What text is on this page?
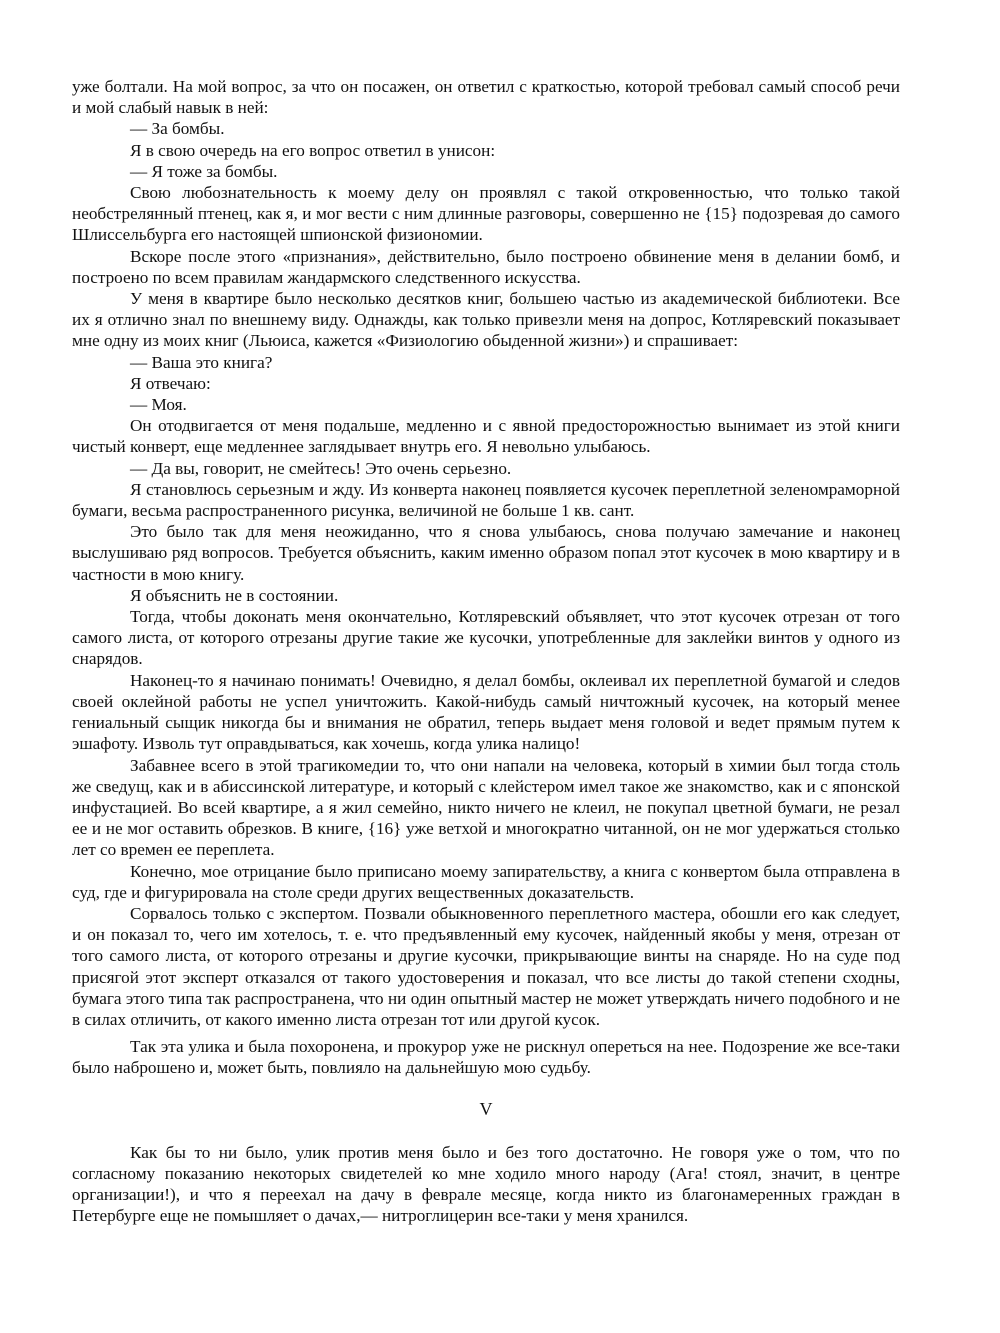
уже болтали. На мой вопрос, за что он посажен, он ответил с краткостью, которой требовал самый способ речи и мой слабый навык в ней:

— За бомбы.

Я в свою очередь на его вопрос ответил в унисон:

— Я тоже за бомбы.

Свою любознательность к моему делу он проявлял с такой откровенностью, что только такой необстрелянный птенец, как я, и мог вести с ним длинные разговоры, совершенно не {15} подозревая до самого Шлиссельбурга его настоящей шпионской физиономии.

Вскоре после этого «признания», действительно, было построено обвинение меня в делании бомб, и построено по всем правилам жандармского следственного искусства.

У меня в квартире было несколько десятков книг, большею частью из академической библиотеки. Все их я отлично знал по внешнему виду. Однажды, как только привезли меня на допрос, Котляревский показывает мне одну из моих книг (Льюиса, кажется «Физиологию обыденной жизни») и спрашивает:

— Ваша это книга?

Я отвечаю:

— Моя.

Он отодвигается от меня подальше, медленно и с явной предосторожностью вынимает из этой книги чистый конверт, еще медленнее заглядывает внутрь его. Я невольно улыбаюсь.

— Да вы, говорит, не смейтесь! Это очень серьезно.

Я становлюсь серьезным и жду. Из конверта наконец появляется кусочек переплетной зеленомраморной бумаги, весьма распространенного рисунка, величиной не больше 1 кв. сант.

Это было так для меня неожиданно, что я снова улыбаюсь, снова получаю замечание и наконец выслушиваю ряд вопросов. Требуется объяснить, каким именно образом попал этот кусочек в мою квартиру и в частности в мою книгу.

Я объяснить не в состоянии.

Тогда, чтобы доконать меня окончательно, Котляревский объявляет, что этот кусочек отрезан от того самого листа, от которого отрезаны другие такие же кусочки, употребленные для заклейки винтов у одного из снарядов.

Наконец-то я начинаю понимать! Очевидно, я делал бомбы, оклеивал их переплетной бумагой и следов своей оклейной работы не успел уничтожить. Какой-нибудь самый ничтожный кусочек, на который менее гениальный сыщик никогда бы и внимания не обратил, теперь выдает меня головой и ведет прямым путем к эшафоту. Изволь тут оправдываться, как хочешь, когда улика налицо!

Забавнее всего в этой трагикомедии то, что они напали на человека, который в химии был тогда столь же сведущ, как и в абиссинской литературе, и который с клейстером имел такое же знакомство, как и с японской инфустацией. Во всей квартире, а я жил семейно, никто ничего не клеил, не покупал цветной бумаги, не резал ее и не мог оставить обрезков. В книге, {16} уже ветхой и многократно читанной, он не мог удержаться столько лет со времен ее переплета.

Конечно, мое отрицание было приписано моему запирательству, а книга с конвертом была отправлена в суд, где и фигурировала на столе среди других вещественных доказательств.

Сорвалось только с экспертом. Позвали обыкновенного переплетного мастера, обошли его как следует, и он показал то, чего им хотелось, т. е. что предъявленный ему кусочек, найденный якобы у меня, отрезан от того самого листа, от которого отрезаны и другие кусочки, прикрывающие винты на снаряде. Но на суде под присягой этот эксперт отказался от такого удостоверения и показал, что все листы до такой степени сходны, бумага этого типа так распространена, что ни один опытный мастер не может утверждать ничего подобного и не в силах отличить, от какого именно листа отрезан тот или другой кусок.

Так эта улика и была похоронена, и прокурор уже не рискнул опереться на нее. Подозрение же все-таки было наброшено и, может быть, повлияло на дальнейшую мою судьбу.

V

Как бы то ни было, улик против меня было и без того достаточно. Не говоря уже о том, что по согласному показанию некоторых свидетелей ко мне ходило много народу (Ага! стоял, значит, в центре организации!), и что я переехал на дачу в феврале месяце, когда никто из благонамеренных граждан в Петербурге еще не помышляет о дачах,— нитроглицерин все-таки у меня хранился.
